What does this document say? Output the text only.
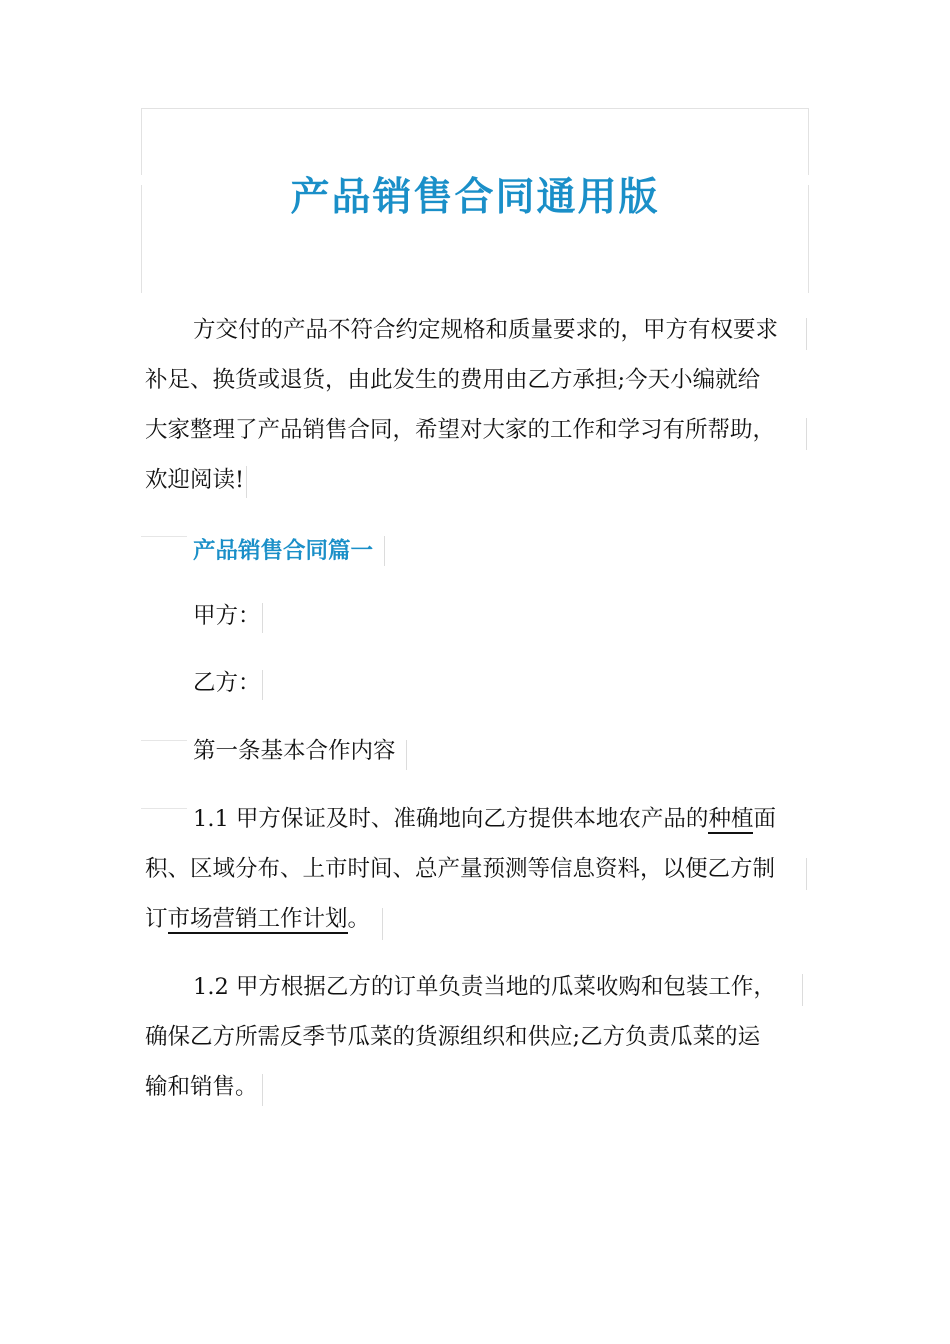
产品销售合同通用版
方交付的产品不符合约定规格和质量要求的，甲方有权要求
补足、换货或退货，由此发生的费用由乙方承担;今天小编就给
大家整理了产品销售合同，希望对大家的工作和学习有所帮助，
欢迎阅读!
产品销售合同篇一
甲方：
乙方：
第一条基本合作内容
1.1 甲方保证及时、准确地向乙方提供本地农产品的种植面
积、区域分布、上市时间、总产量预测等信息资料，以便乙方制
订市场营销工作计划。
1.2 甲方根据乙方的订单负责当地的瓜菜收购和包装工作，
确保乙方所需反季节瓜菜的货源组织和供应;乙方负责瓜菜的运
输和销售。
